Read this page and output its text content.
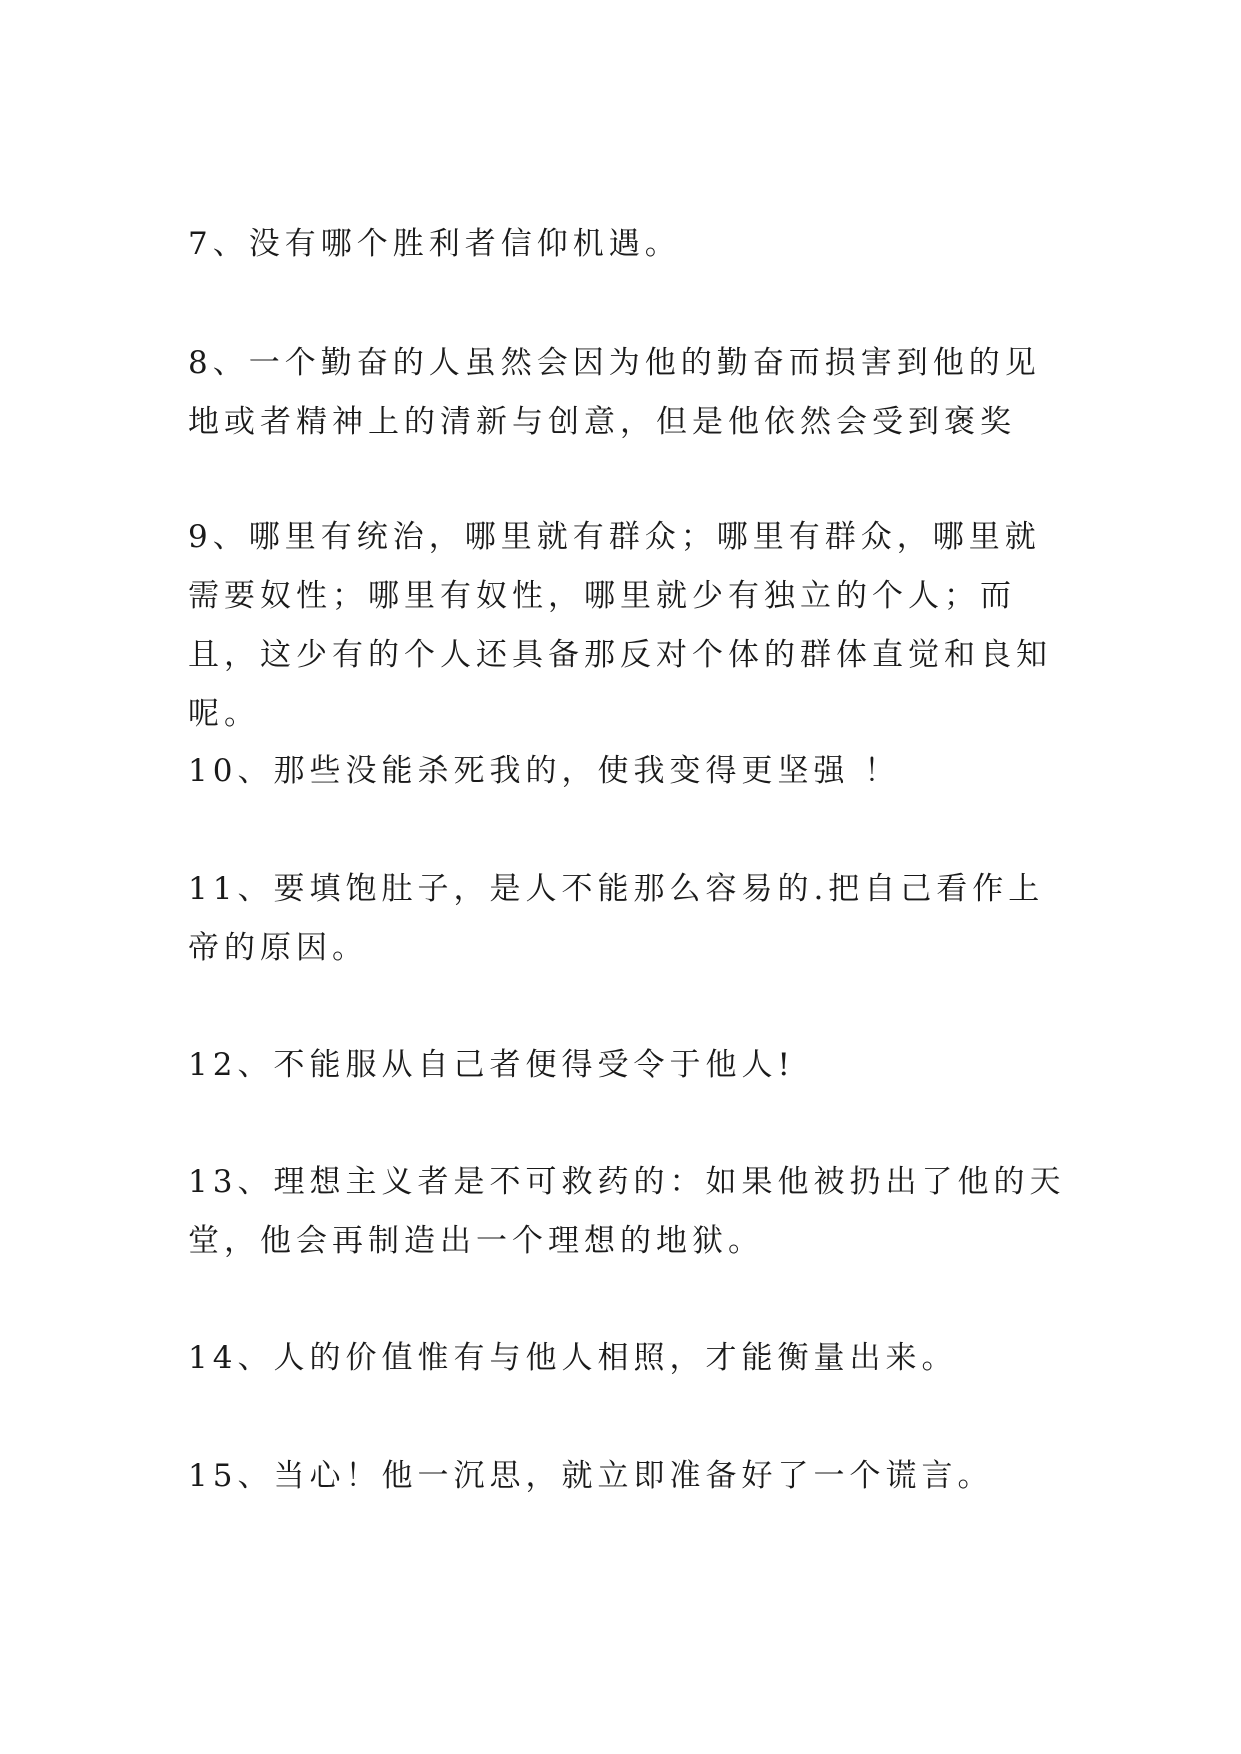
7、没有哪个胜利者信仰机遇。

8、一个勤奋的人虽然会因为他的勤奋而损害到他的见地或者精神上的清新与创意，但是他依然会受到褒奖

9、哪里有统治，哪里就有群众；哪里有群众，哪里就需要奴性；哪里有奴性，哪里就少有独立的个人；而且，这少有的个人还具备那反对个体的群体直觉和良知呢。

10、那些没能杀死我的，使我变得更坚强 ！

11、要填饱肚子，是人不能那么容易的.把自己看作上帝的原因。

12、不能服从自己者便得受令于他人!

13、理想主义者是不可救药的：如果他被扔出了他的天堂，他会再制造出一个理想的地狱。

14、人的价值惟有与他人相照，才能衡量出来。

15、当心！他一沉思，就立即准备好了一个谎言。
